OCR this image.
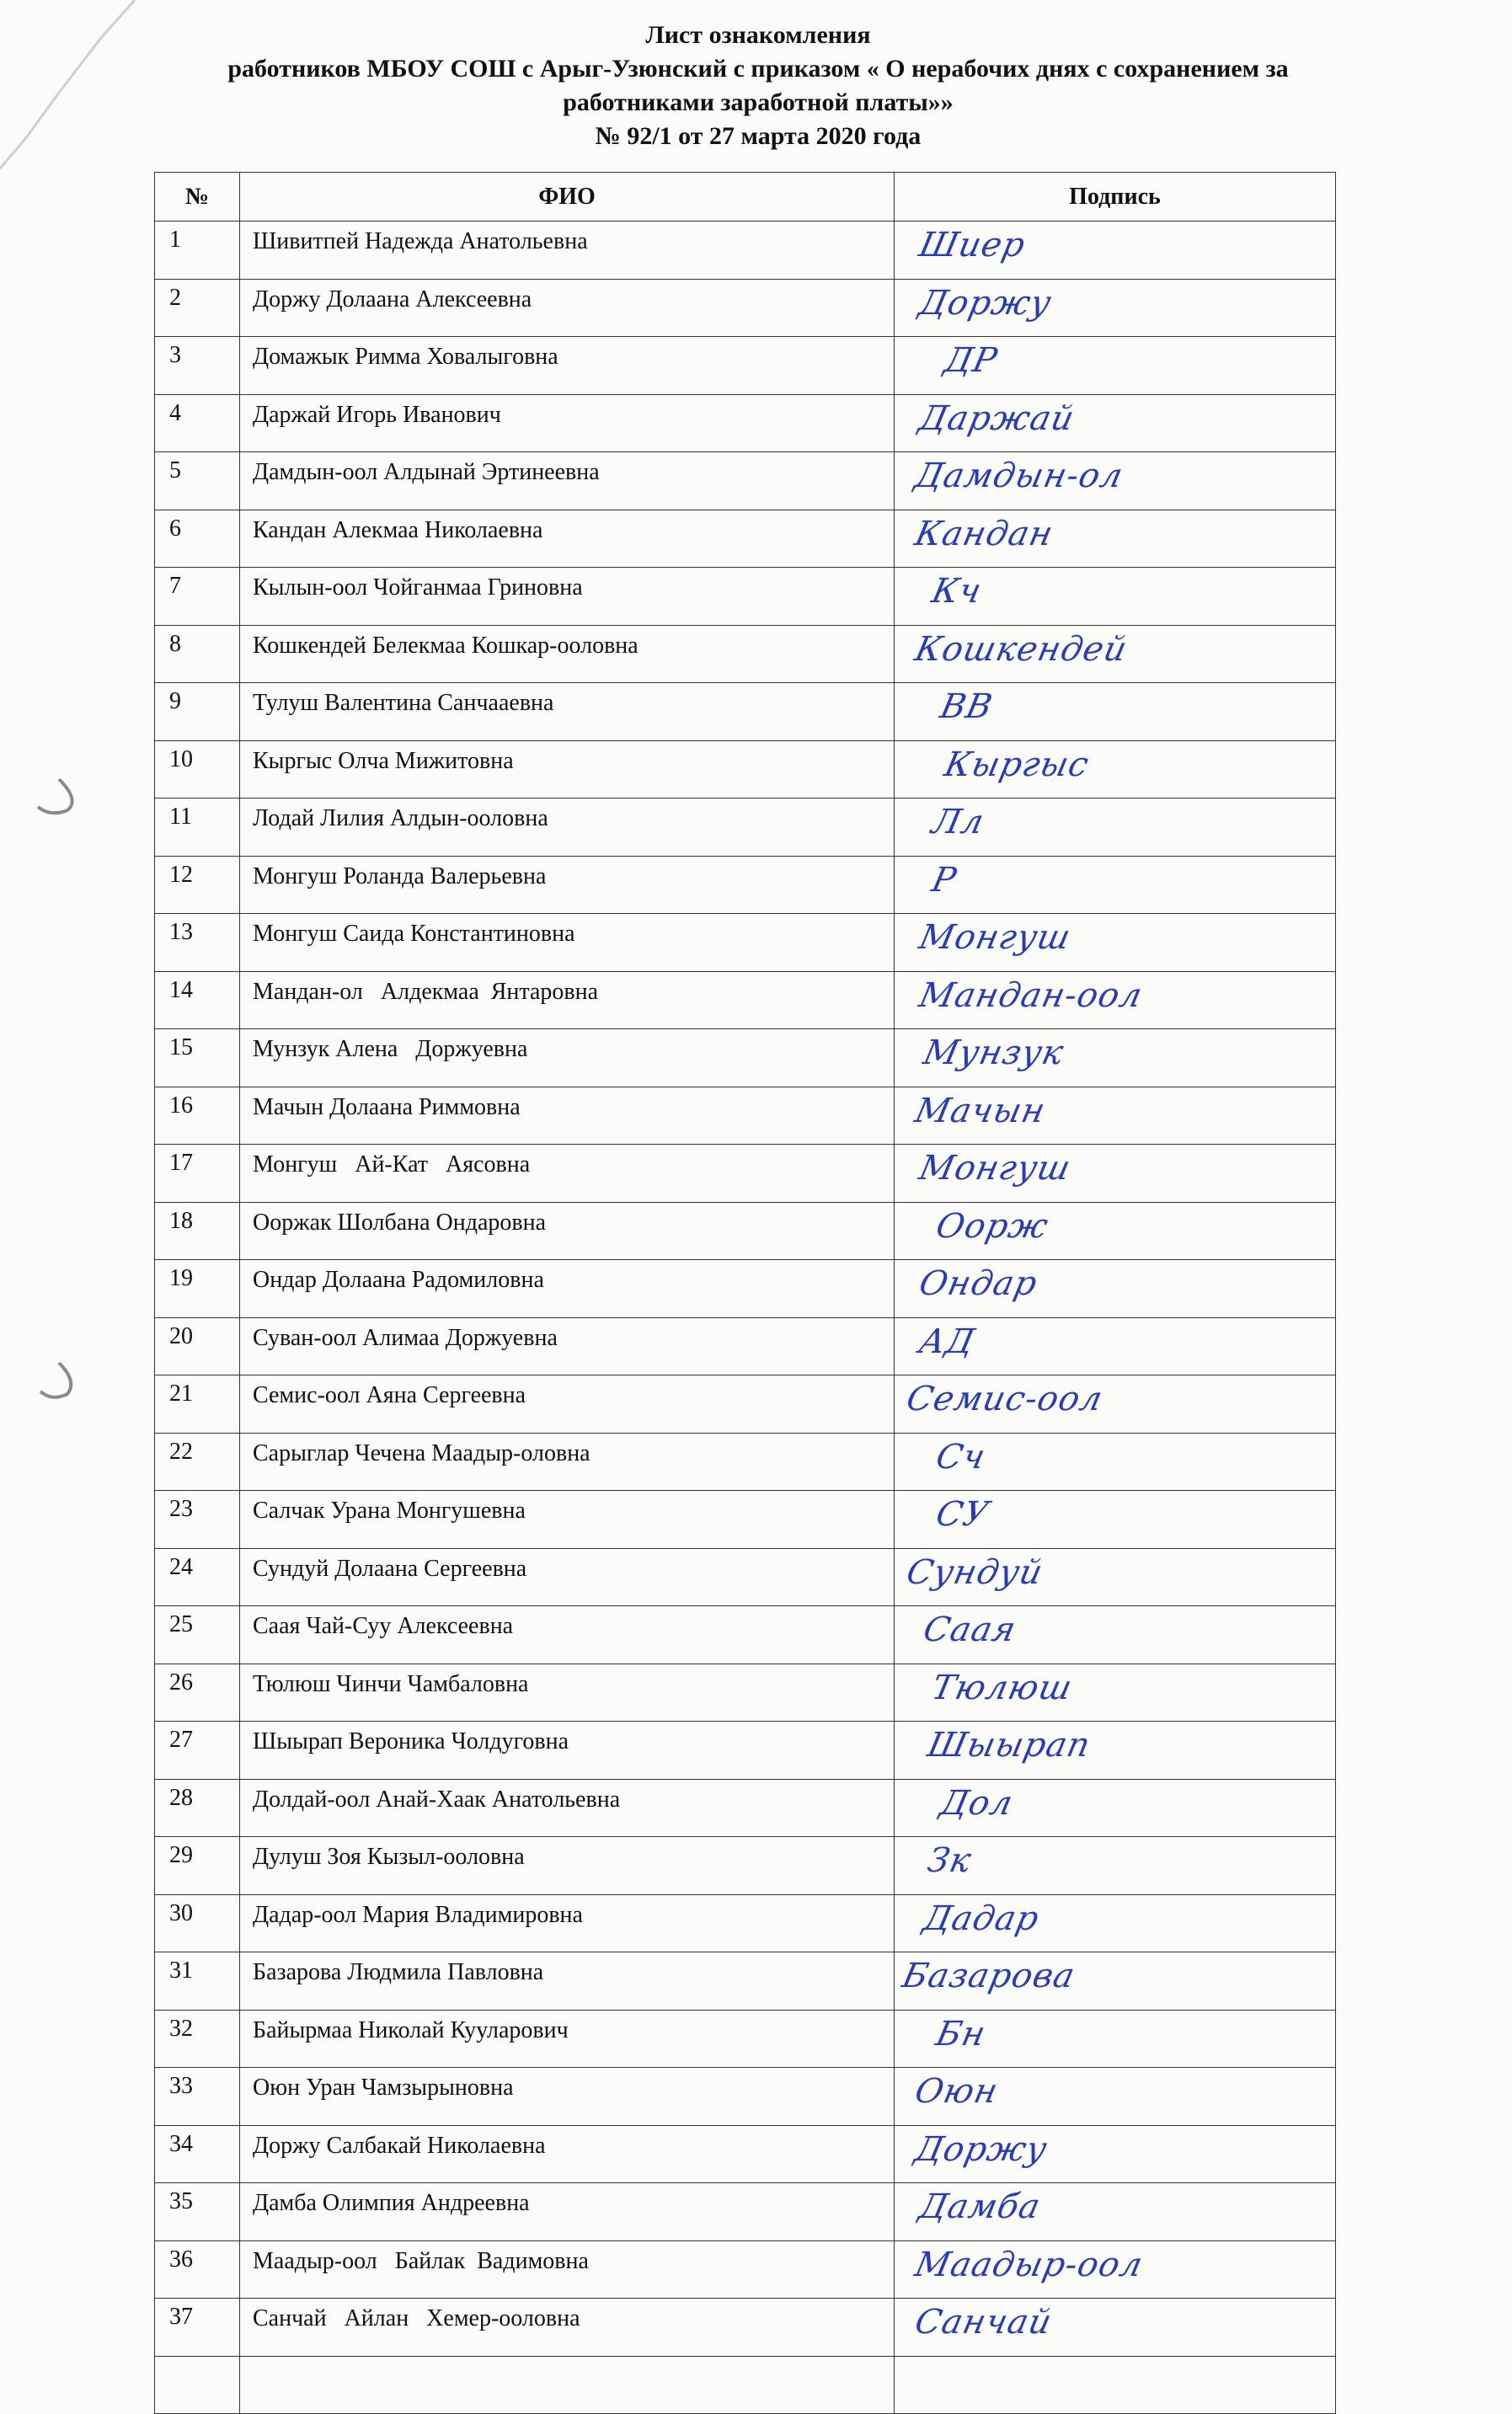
Лист ознакомления
работников МБОУ СОШ с Арыг-Узюнский с приказом « О нерабочих днях с сохранением за
работниками заработной платы»»
№ 92/1 от 27 марта 2020 года
№	ФИО	Подпись
1	Шивитпей Надежда Анатольевна	Шиер

2	Доржу Долаана Алексеевна	Доржу

3	Домажык Римма Ховалыговна	ДР

4	Даржай Игорь Иванович	Даржай

5	Дамдын-оол Алдынай Эртинеевна	Дамдын-ол

6	Кандан Алекмаа Николаевна	Кандан

7	Кылын-оол Чойганмаа Гриновна	Кч

8	Кошкендей Белекмаа Кошкар-ооловна	Кошкендей

9	Тулуш Валентина Санчааевна	ВВ

10	Кыргыс Олча Мижитовна	Кыргыс

11	Лодай Лилия Алдын-ооловна	Лл

12	Монгуш Роланда Валерьевна	Р

13	Монгуш Саида Константиновна	Монгуш

14	Мандан-ол   Алдекмаа  Янтаровна	Мандан-оол

15	Мунзук Алена   Доржуевна	Мунзук

16	Мачын Долаана Риммовна	Мачын

17	Монгуш   Ай-Кат   Аясовна	Монгуш

18	Ооржак Шолбана Ондаровна	Оорж

19	Ондар Долаана Радомиловна	Ондар

20	Суван-оол Алимаа Доржуевна	АД

21	Семис-оол Аяна Сергеевна	Семис-оол

22	Сарыглар Чечена Маадыр-оловна	Сч

23	Салчак Урана Монгушевна	СУ

24	Сундуй Долаана Сергеевна	Сундуй

25	Саая Чай-Суу Алексеевна	Саая

26	Тюлюш Чинчи Чамбаловна	Тюлюш

27	Шыырап Вероника Чолдуговна	Шыырап

28	Долдай-оол Анай-Хаак Анатольевна	Дол

29	Дулуш Зоя Кызыл-ооловна	Зк

30	Дадар-оол Мария Владимировна	Дадар

31	Базарова Людмила Павловна	Базарова

32	Байырмаа Николай Кууларович	Бн

33	Оюн Уран Чамзырыновна	Оюн

34	Доржу Салбакай Николаевна	Доржу

35	Дамба Олимпия Андреевна	Дамба

36	Маадыр-оол   Байлак  Вадимовна	Маадыр-оол

37	Санчай   Айлан   Хемер-ооловна	Санчай
